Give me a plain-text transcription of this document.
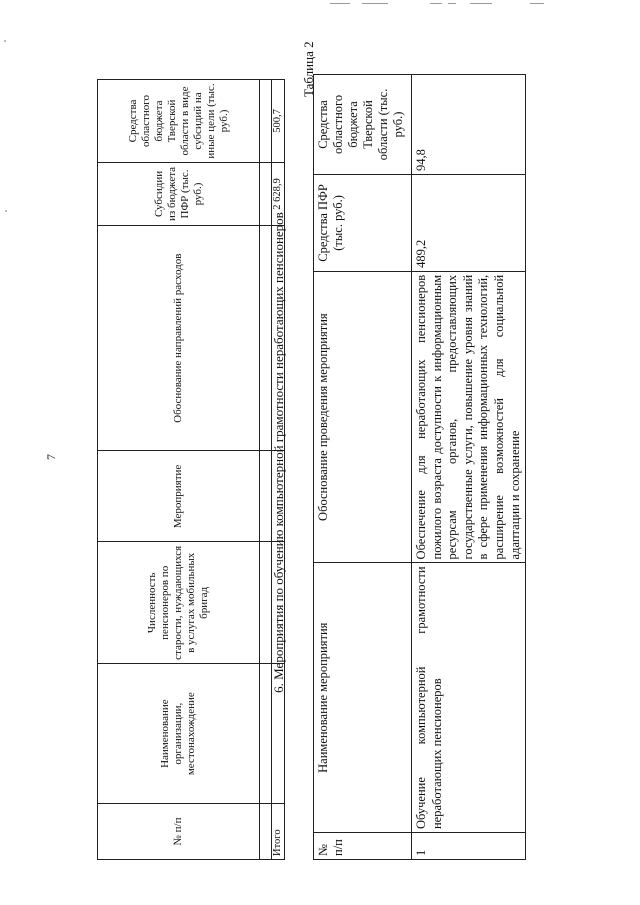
7
№ п/п	Наименование организации, местонахождение	Численность пенсионеров по старости, нуждающихся в услугах мобильных бригад	Мероприятие	Обоснование направлений расходов	Субсидии из бюджета ПФР (тыс. руб.)	Средства областного бюджета Тверской области в виде субсидий на иные цели (тыс. руб.)

Итого					2 628,9	500,7
6. Мероприятия по обучению компьютерной грамотности неработающих пенсионеров
Таблица 2
№ п/п	Наименование мероприятия	Обоснование проведения мероприятия	Средства ПФР (тыс. руб.)	Средства областного бюджета Тверской области (тыс. руб.)
1	Обучение компьютерной грамотности неработающих пенсионеров	Обеспечение для неработающих пенсионеров пожилого возраста доступности к информационным ресурсам органов, предоставляющих государственные услуги, повышение уровня знаний в сфере применения информационных технологий, расширение возможностей для социальной адаптации и сохранение	489,2	94,8
